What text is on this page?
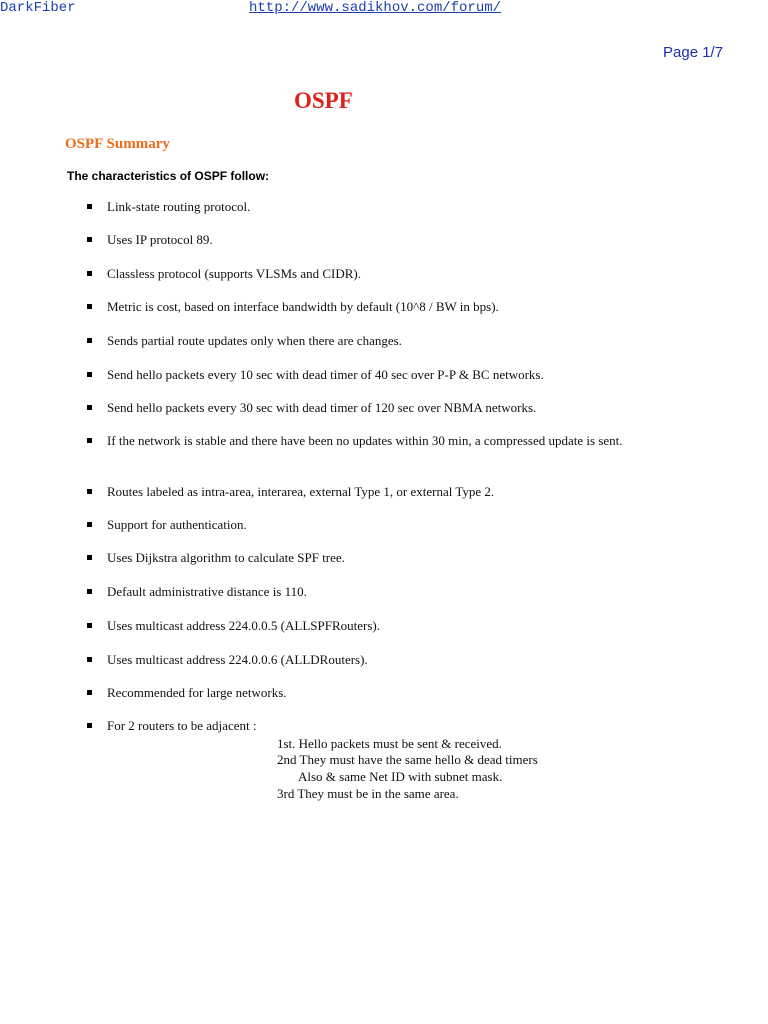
DarkFiber	http://www.sadikhov.com/forum/
Page 1/7
OSPF
OSPF Summary
The characteristics of OSPF follow:
Link-state routing protocol.
Uses IP protocol 89.
Classless protocol (supports VLSMs and CIDR).
Metric is cost, based on interface bandwidth by default (10^8 / BW in bps).
Sends partial route updates only when there are changes.
Send hello packets every 10 sec with dead timer of 40 sec over P-P & BC networks.
Send hello packets every 30 sec with dead timer of 120 sec over NBMA networks.
If the network is stable and there have been no updates within 30 min, a compressed update is sent.
Routes labeled as intra-area, interarea, external Type 1, or external Type 2.
Support for authentication.
Uses Dijkstra algorithm to calculate SPF tree.
Default administrative distance is 110.
Uses multicast address 224.0.0.5 (ALLSPFRouters).
Uses multicast address 224.0.0.6 (ALLDRouters).
Recommended for large networks.
For 2 routers to be adjacent :
1st. Hello packets must be sent & received.
2nd They must have the same hello & dead timers
Also & same Net ID with subnet mask.
3rd They must be in the same area.
